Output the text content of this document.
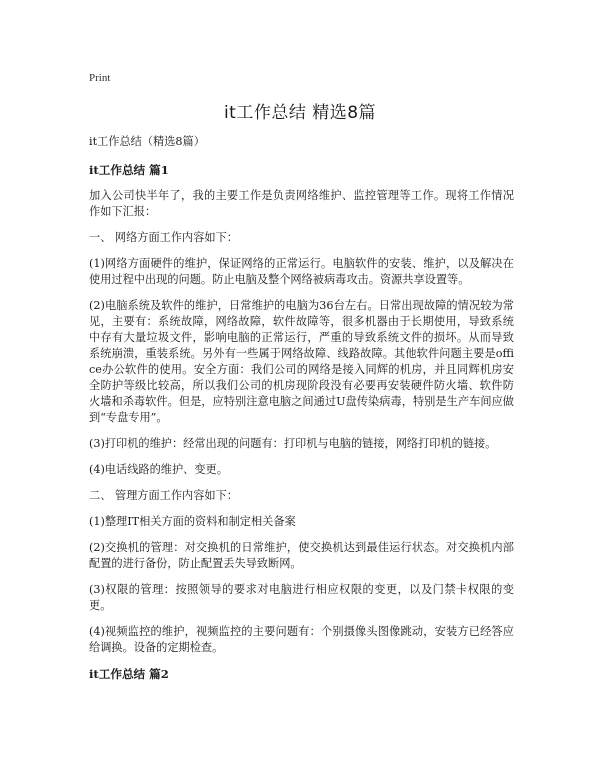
Print
it工作总结 精选8篇

it工作总结（精选8篇）

it工作总结 篇1

加入公司快半年了，我的主要工作是负责网络维护、监控管理等工作。现将工作情况作如下汇报：

一、 网络方面工作内容如下：

(1)网络方面硬件的维护，保证网络的正常运行。电脑软件的安装、维护，以及解决在使用过程中出现的问题。防止电脑及整个网络被病毒攻击。资源共享设置等。

(2)电脑系统及软件的维护，日常维护的电脑为36台左右。日常出现故障的情况较为常见，主要有：系统故障，网络故障，软件故障等，很多机器由于长期使用，导致系统中存有大量垃圾文件，影响电脑的正常运行，严重的导致系统文件的损坏。从而导致系统崩溃，重装系统。另外有一些属于网络故障、线路故障。其他软件问题主要是office办公软件的使用。安全方面：我们公司的网络是接入同辉的机房，并且同辉机房安全防护等级比较高，所以我们公司的机房现阶段没有必要再安装硬件防火墙、软件防火墙和杀毒软件。但是，应特别注意电脑之间通过U盘传染病毒，特别是生产车间应做到“专盘专用”。

(3)打印机的维护：经常出现的问题有：打印机与电脑的链接，网络打印机的链接。

(4)电话线路的维护、变更。

二、 管理方面工作内容如下：

(1)整理IT相关方面的资料和制定相关备案

(2)交换机的管理：对交换机的日常维护，使交换机达到最佳运行状态。对交换机内部配置的进行备份，防止配置丢失导致断网。

(3)权限的管理：按照领导的要求对电脑进行相应权限的变更，以及门禁卡权限的变更。

(4)视频监控的维护，视频监控的主要问题有：个别摄像头图像跳动，安装方已经答应给调换。设备的定期检查。

it工作总结 篇2
